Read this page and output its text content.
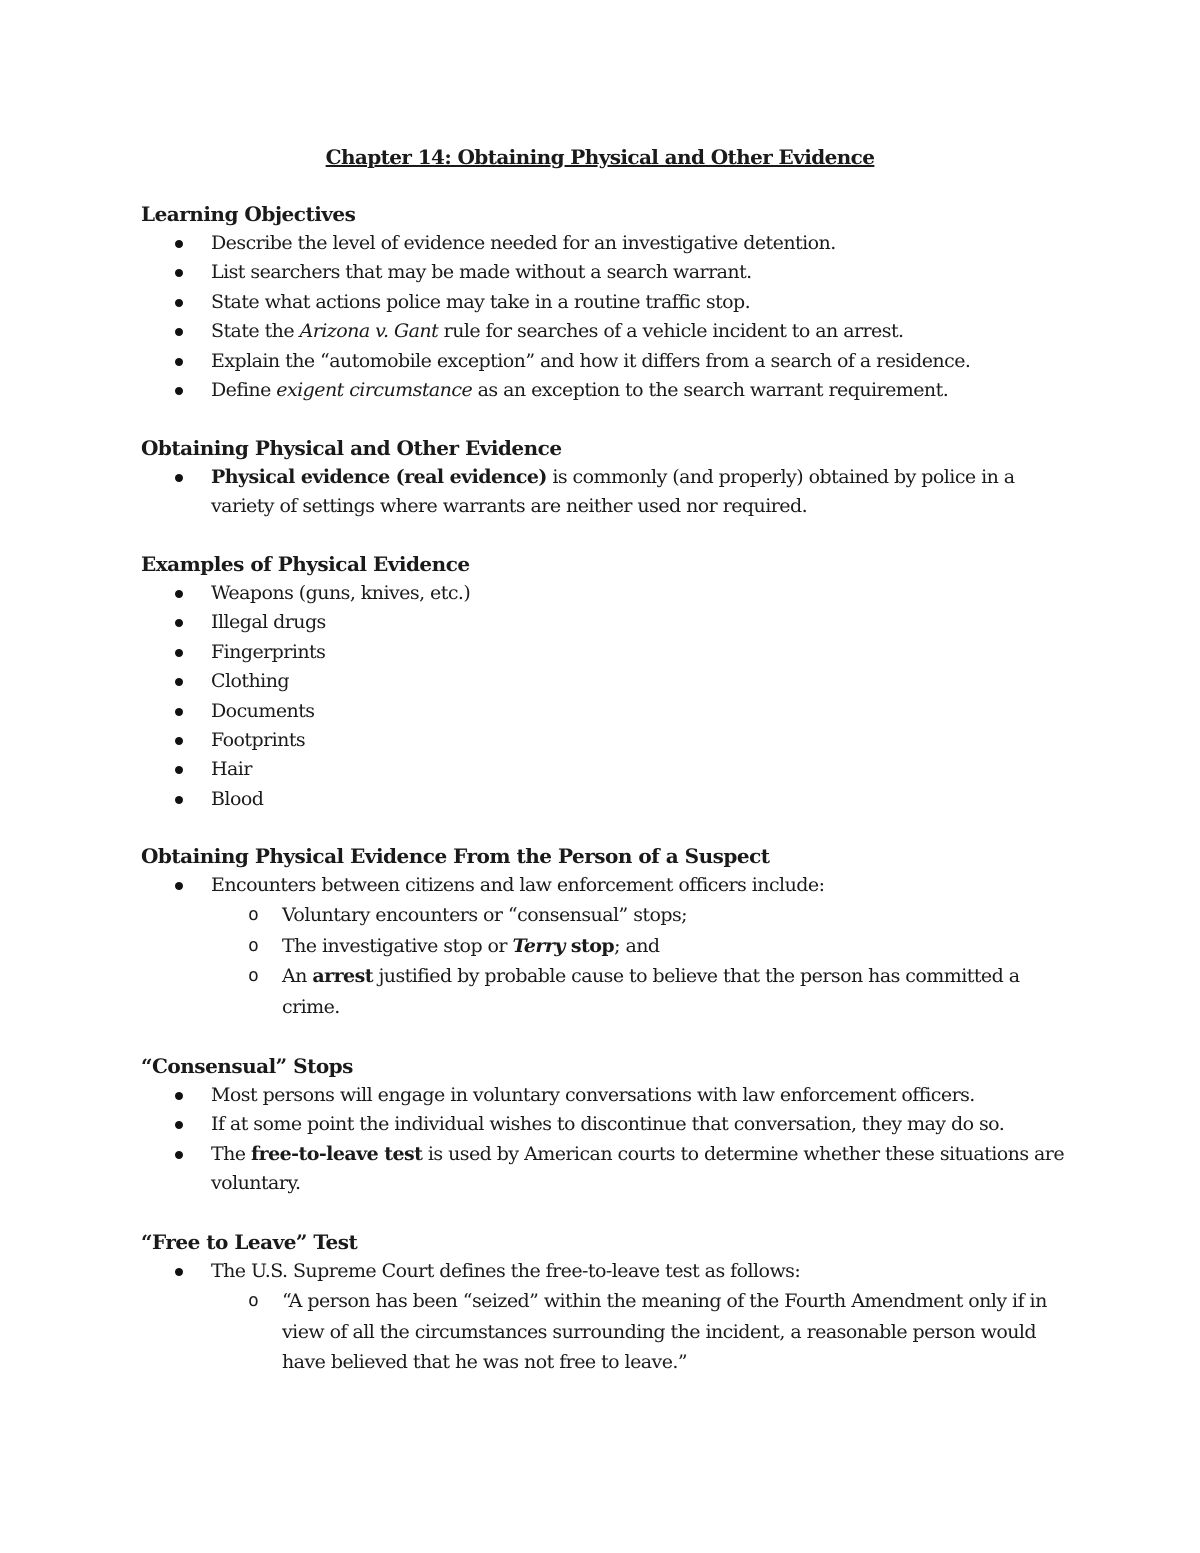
Chapter 14: Obtaining Physical and Other Evidence

Learning Objectives

Describe the level of evidence needed for an investigative detention.
List searchers that may be made without a search warrant.
State what actions police may take in a routine traffic stop.
State the Arizona v. Gant rule for searches of a vehicle incident to an arrest.
Explain the “automobile exception” and how it differs from a search of a residence.
Define exigent circumstance as an exception to the search warrant requirement.

Obtaining Physical and Other Evidence

Physical evidence (real evidence) is commonly (and properly) obtained by police in a variety of settings where warrants are neither used nor required.

Examples of Physical Evidence

Weapons (guns, knives, etc.)
Illegal drugs
Fingerprints
Clothing
Documents
Footprints
Hair
Blood

Obtaining Physical Evidence From the Person of a Suspect

Encounters between citizens and law enforcement officers include:
o Voluntary encounters or “consensual” stops;
o The investigative stop or Terry stop; and
o An arrest justified by probable cause to believe that the person has committed a crime.

“Consensual” Stops

Most persons will engage in voluntary conversations with law enforcement officers.
If at some point the individual wishes to discontinue that conversation, they may do so.
The free-to-leave test is used by American courts to determine whether these situations are voluntary.

“Free to Leave” Test

The U.S. Supreme Court defines the free-to-leave test as follows:
o “A person has been “seized” within the meaning of the Fourth Amendment only if in view of all the circumstances surrounding the incident, a reasonable person would have believed that he was not free to leave.”
